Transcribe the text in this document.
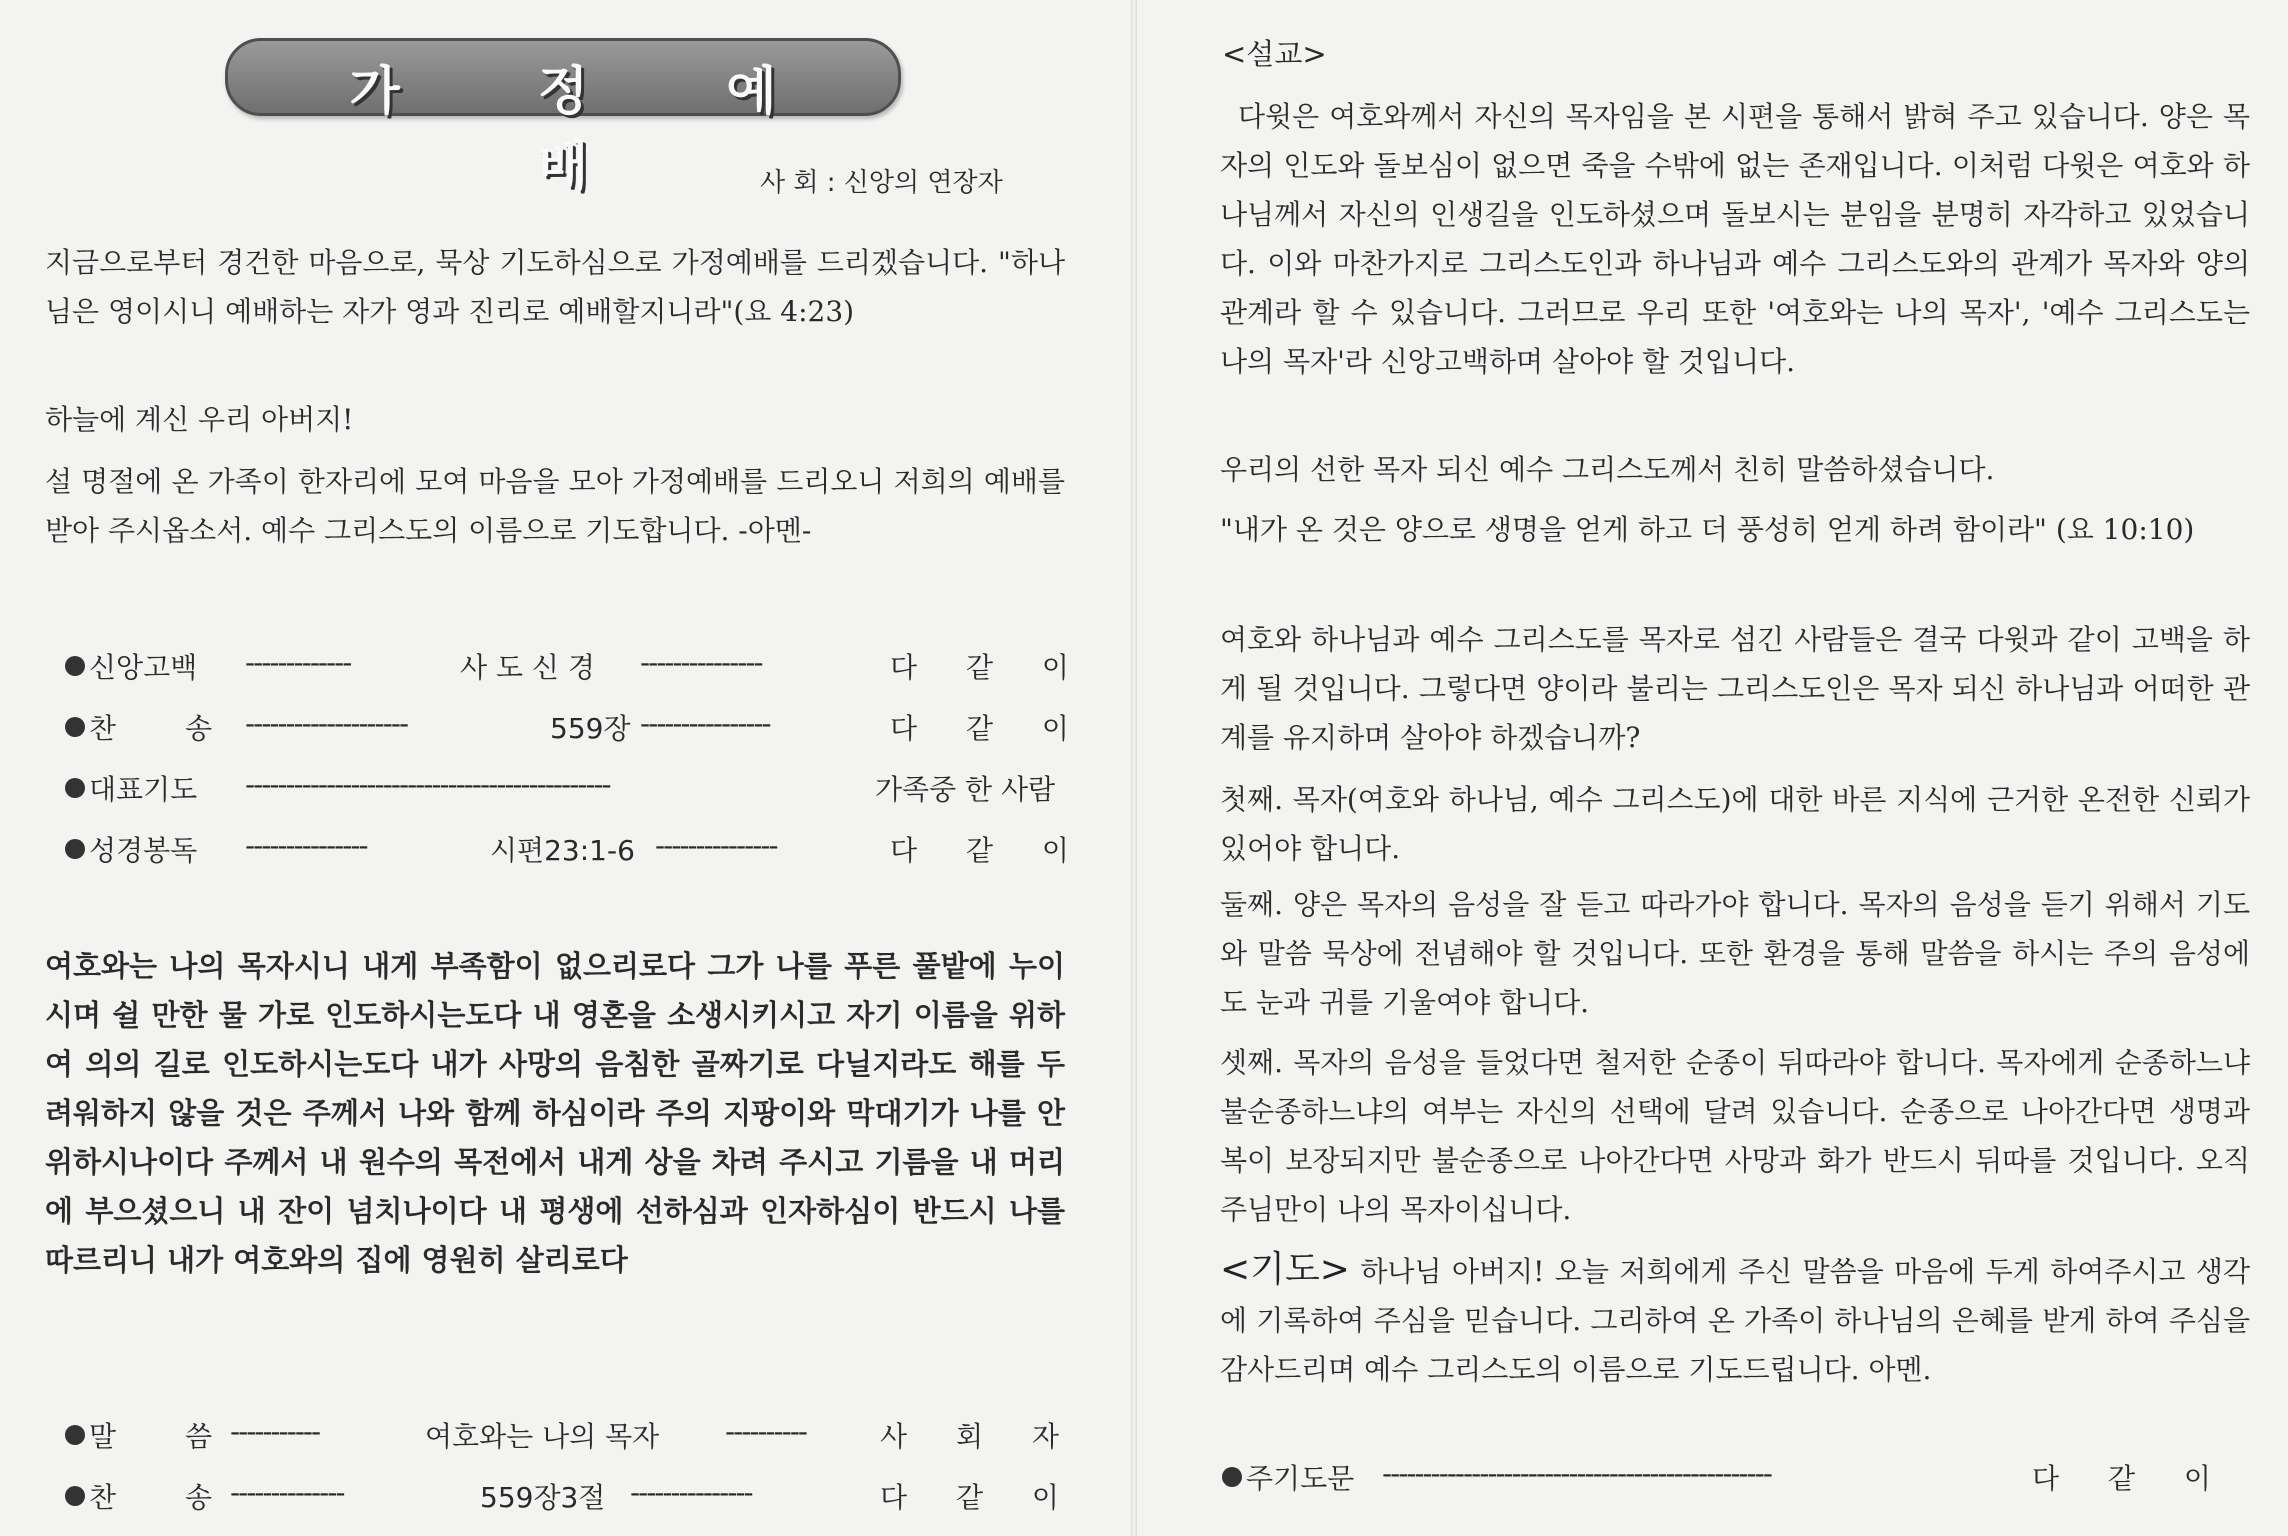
가 정 예 배	사 회 : 신앙의 연장자
지금으로부터 경건한 마음으로, 묵상 기도하심으로 가정예배를 드리겠습니다. "하나님은 영이시니 예배하는 자가 영과 진리로 예배할지니라"(요 4:23)
하늘에 계신 우리 아버지!
설 명절에 온 가족이 한자리에 모여 마음을 모아 가정예배를 드리오니 저희의 예배를 받아 주시옵소서. 예수 그리스도의 이름으로 기도합니다. -아멘-
신앙고백 -------------	사 도 신 경 ---------------	다 같 이
찬 송 --------------------	559장 ----------------	다 같 이
대표기도 ---------------------------------------------	가족중 한 사람
성경봉독 ---------------	시편23:1-6 ---------------	다 같 이
여호와는 나의 목자시니 내게 부족함이 없으리로다 그가 나를 푸른 풀밭에 누이시며 쉴 만한 물 가로 인도하시는도다 내 영혼을 소생시키시고 자기 이름을 위하여 의의 길로 인도하시는도다 내가 사망의 음침한 골짜기로 다닐지라도 해를 두려워하지 않을 것은 주께서 나와 함께 하심이라 주의 지팡이와 막대기가 나를 안위하시나이다 주께서 내 원수의 목전에서 내게 상을 차려 주시고 기름을 내 머리에 부으셨으니 내 잔이 넘치나이다 내 평생에 선하심과 인자하심이 반드시 나를 따르리니 내가 여호와의 집에 영원히 살리로다
말 씀 -----------	여호와는 나의 목자 ----------	사 회 자
찬 송 --------------	559장3절 ---------------	다 같 이
<설교>
다윗은 여호와께서 자신의 목자임을 본 시편을 통해서 밝혀 주고 있습니다. 양은 목자의 인도와 돌보심이 없으면 죽을 수밖에 없는 존재입니다. 이처럼 다윗은 여호와 하나님께서 자신의 인생길을 인도하셨으며 돌보시는 분임을 분명히 자각하고 있었습니다. 이와 마찬가지로 그리스도인과 하나님과 예수 그리스도와의 관계가 목자와 양의 관계라 할 수 있습니다. 그러므로 우리 또한 '여호와는 나의 목자', '예수 그리스도는 나의 목자'라 신앙고백하며 살아야 할 것입니다.
우리의 선한 목자 되신 예수 그리스도께서 친히 말씀하셨습니다.
"내가 온 것은 양으로 생명을 얻게 하고 더 풍성히 얻게 하려 함이라" (요 10:10)
여호와 하나님과 예수 그리스도를 목자로 섬긴 사람들은 결국 다윗과 같이 고백을 하게 될 것입니다. 그렇다면 양이라 불리는 그리스도인은 목자 되신 하나님과 어떠한 관계를 유지하며 살아야 하겠습니까?
첫째. 목자(여호와 하나님, 예수 그리스도)에 대한 바른 지식에 근거한 온전한 신뢰가 있어야 합니다.
둘째. 양은 목자의 음성을 잘 듣고 따라가야 합니다. 목자의 음성을 듣기 위해서 기도와 말씀 묵상에 전념해야 할 것입니다. 또한 환경을 통해 말씀을 하시는 주의 음성에도 눈과 귀를 기울여야 합니다.
셋째. 목자의 음성을 들었다면 철저한 순종이 뒤따라야 합니다. 목자에게 순종하느냐 불순종하느냐의 여부는 자신의 선택에 달려 있습니다. 순종으로 나아간다면 생명과 복이 보장되지만 불순종으로 나아간다면 사망과 화가 반드시 뒤따를 것입니다. 오직 주님만이 나의 목자이십니다.
<기도> 하나님 아버지! 오늘 저희에게 주신 말씀을 마음에 두게 하여주시고 생각에 기록하여 주심을 믿습니다. 그리하여 온 가족이 하나님의 은혜를 받게 하여 주심을 감사드리며 예수 그리스도의 이름으로 기도드립니다. 아멘.
주기도문 ------------------------------------------------	다 같 이
